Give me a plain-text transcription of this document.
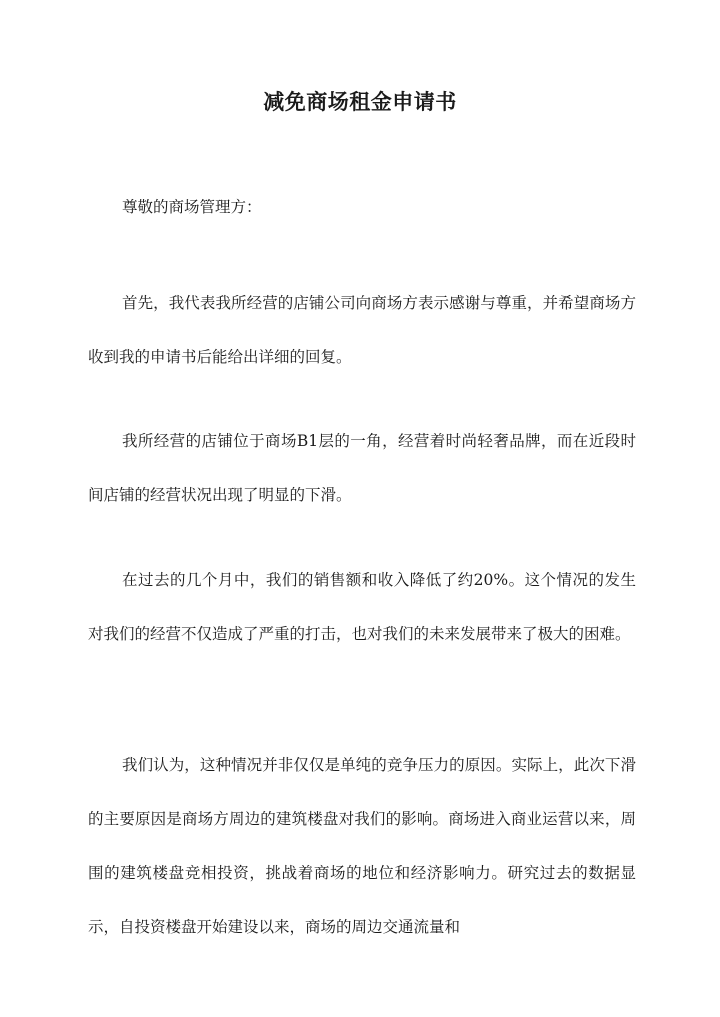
减免商场租金申请书

尊敬的商场管理方：

首先，我代表我所经营的店铺公司向商场方表示感谢与尊重，并希望商场方收到我的申请书后能给出详细的回复。

我所经营的店铺位于商场B1层的一角，经营着时尚轻奢品牌，而在近段时间店铺的经营状况出现了明显的下滑。

在过去的几个月中，我们的销售额和收入降低了约20%。这个情况的发生对我们的经营不仅造成了严重的打击，也对我们的未来发展带来了极大的困难。

我们认为，这种情况并非仅仅是单纯的竞争压力的原因。实际上，此次下滑的主要原因是商场方周边的建筑楼盘对我们的影响。商场进入商业运营以来，周围的建筑楼盘竞相投资，挑战着商场的地位和经济影响力。研究过去的数据显示，自投资楼盘开始建设以来，商场的周边交通流量和
